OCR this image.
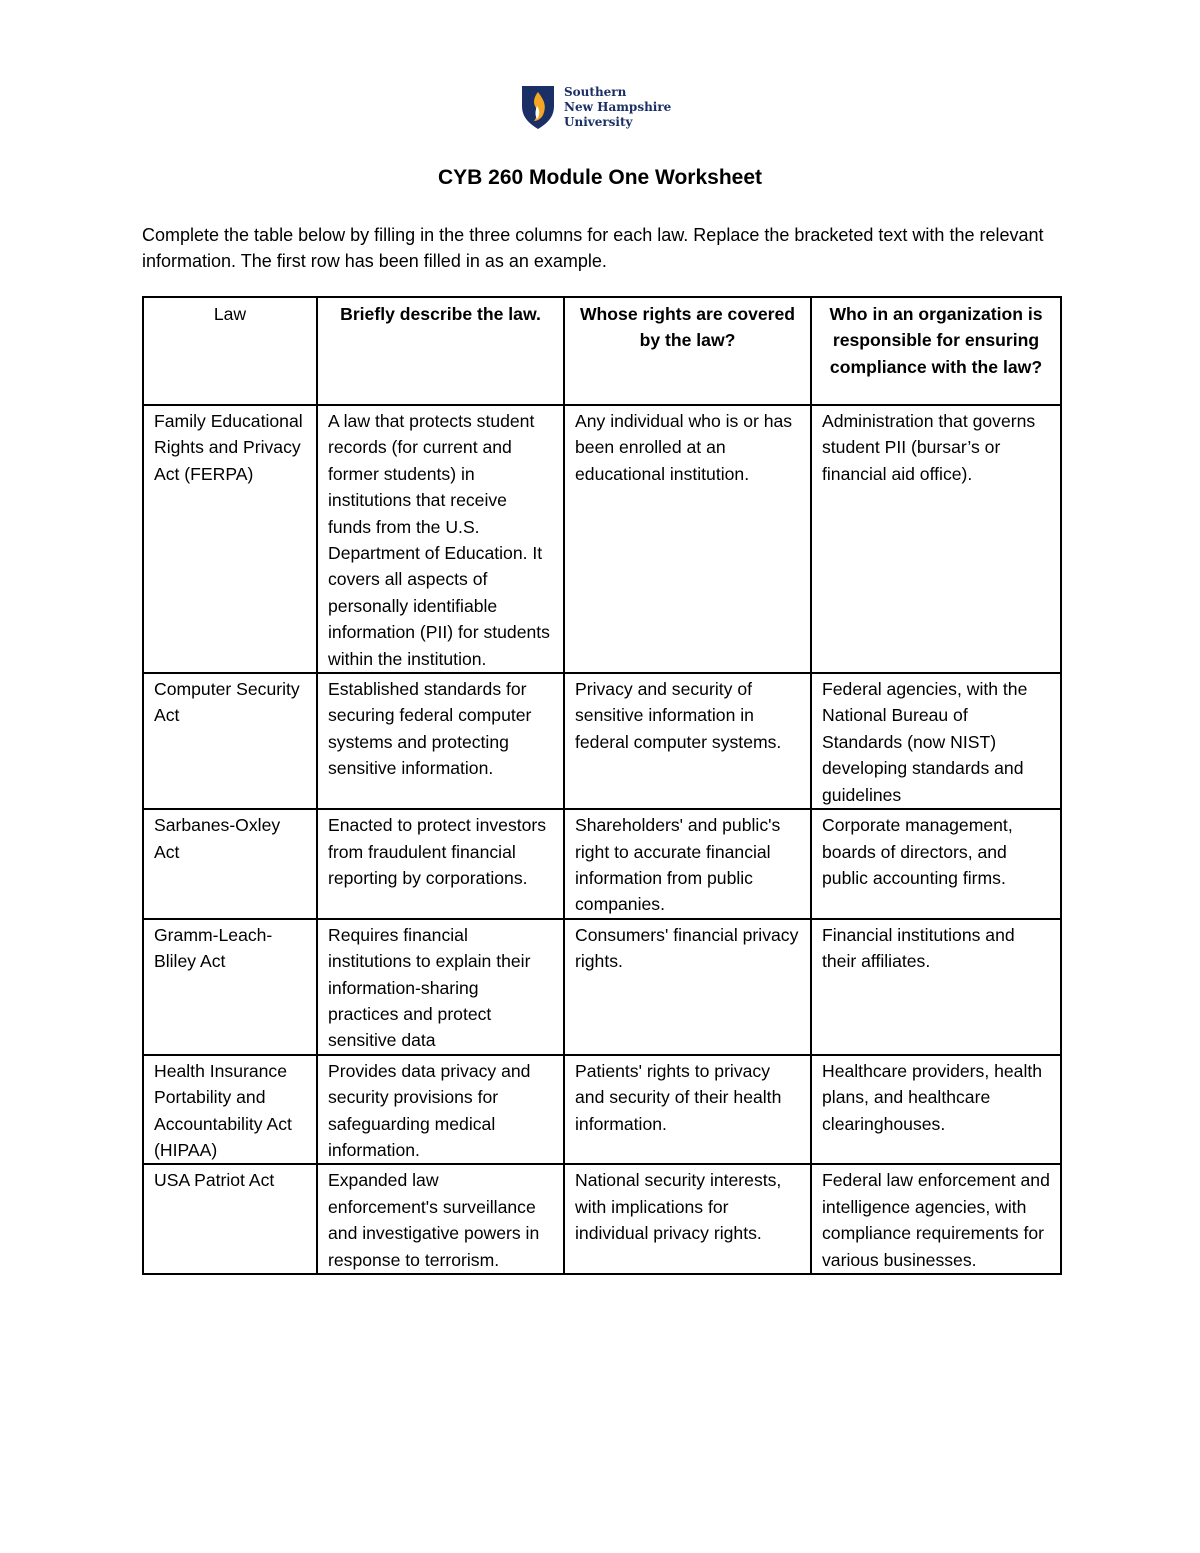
Southern
New Hampshire
University
CYB 260 Module One Worksheet
Complete the table below by filling in the three columns for each law. Replace the bracketed text with the relevant information. The first row has been filled in as an example.
Law	Briefly describe the law.	Whose rights are covered by the law?	Who in an organization is responsible for ensuring compliance with the law?
Family Educational Rights and Privacy Act (FERPA)	A law that protects student records (for current and former students) in institutions that receive funds from the U.S. Department of Education. It covers all aspects of personally identifiable information (PII) for students within the institution.	Any individual who is or has been enrolled at an educational institution.	Administration that governs student PII (bursar’s or financial aid office).
Computer Security Act	Established standards for securing federal computer systems and protecting sensitive information.	Privacy and security of sensitive information in federal computer systems.	Federal agencies, with the National Bureau of Standards (now NIST) developing standards and guidelines
Sarbanes-Oxley Act	Enacted to protect investors from fraudulent financial reporting by corporations.	Shareholders' and public's right to accurate financial information from public companies.	Corporate management, boards of directors, and public accounting firms.
Gramm-Leach-Bliley Act	Requires financial institutions to explain their information-sharing practices and protect sensitive data	Consumers' financial privacy rights.	Financial institutions and their affiliates.
Health Insurance Portability and Accountability Act (HIPAA)	Provides data privacy and security provisions for safeguarding medical information.	Patients' rights to privacy and security of their health information.	Healthcare providers, health plans, and healthcare clearinghouses.
USA Patriot Act	Expanded law enforcement's surveillance and investigative powers in response to terrorism.	National security interests, with implications for individual privacy rights.	Federal law enforcement and intelligence agencies, with compliance requirements for various businesses.
